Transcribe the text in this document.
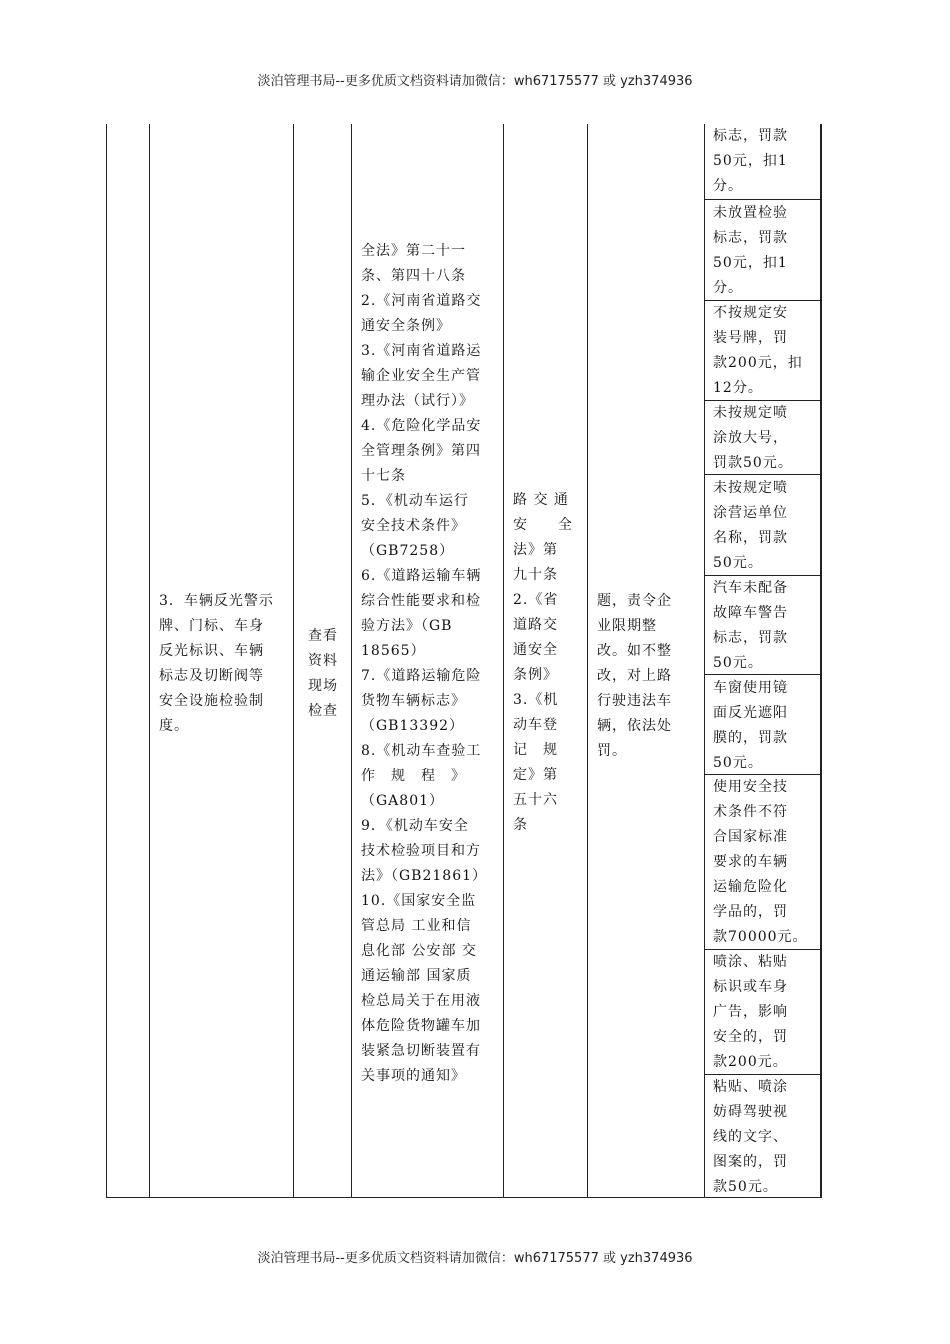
淡泊管理书局--更多优质文档资料请加微信：wh67175577 或 yzh374936
3．车辆反光警示
牌、门标、车身
反光标识、车辆
标志及切断阀等
安全设施检验制
度。
查看
资料
现场
检查
全法》第二十一
条、第四十八条
2.《河南省道路交
通安全条例》
3.《河南省道路运
输企业安全生产管
理办法（试行）》
4.《危险化学品安
全管理条例》第四
十七条
5．《机动车运行
安全技术条件》
（GB7258）
6.《道路运输车辆
综合性能要求和检
验方法》（GB
18565）
7.《道路运输危险
货物车辆标志》
（GB13392）
8.《机动车查验工
作　规　程　》
（GA801）
9．《机动车安全
技术检验项目和方
法》（GB21861）
10.《国家安全监
管总局 工业和信
息化部 公安部 交
通运输部 国家质
检总局关于在用液
体危险货物罐车加
装紧急切断装置有
关事项的通知》
路 交 通
安　　全
法》第
九十条
2.《省
道路交
通安全
条例》
3.《机
动车登
记　规
定》第
五十六
条
题，责令企
业限期整
改。如不整
改，对上路
行驶违法车
辆，依法处
罚。
标志，罚款
50元，扣1
分。
未放置检验
标志，罚款
50元，扣1
分。
不按规定安
装号牌，罚
款200元，扣
12分。
未按规定喷
涂放大号，
罚款50元。
未按规定喷
涂营运单位
名称，罚款
50元。
汽车未配备
故障车警告
标志，罚款
50元。
车窗使用镜
面反光遮阳
膜的，罚款
50元。
使用安全技
术条件不符
合国家标准
要求的车辆
运输危险化
学品的，罚
款70000元。
喷涂、粘贴
标识或车身
广告，影响
安全的，罚
款200元。
粘贴、喷涂
妨碍驾驶视
线的文字、
图案的，罚
款50元。
淡泊管理书局--更多优质文档资料请加微信：wh67175577 或 yzh374936
